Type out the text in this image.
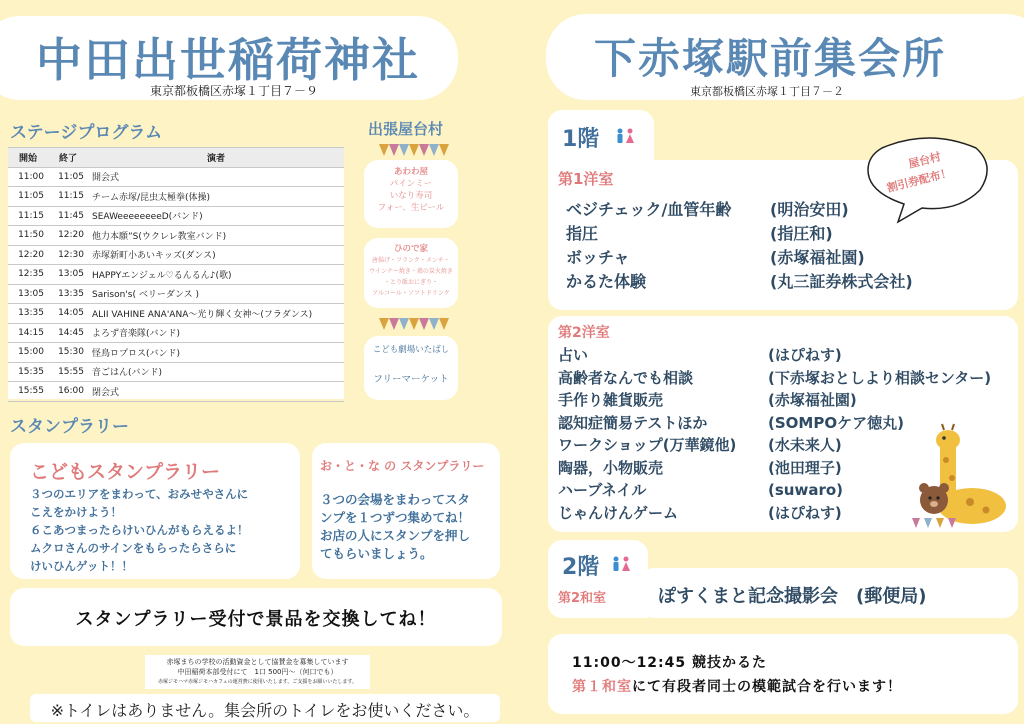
中田出世稲荷神社
東京都板橋区赤塚１丁目７－９
ステージプログラム
開始	終了	演者
11:00	11:05	開会式
11:05	11:15	チーム赤塚/昆虫太極拳(体操)
11:15	11:45	SEAWeeeeeeeeD(バンド)
11:50	12:20	他力本願”S(ウクレレ教室バンド)
12:20	12:30	赤塚新町小あいキッズ(ダンス)
12:35	13:05	HAPPYエンジェル♡るんるん♪(歌)
13:05	13:35	Sarison's( ベリーダンス )
13:35	14:05	ALII VAHINE ANA'ANA～光り輝く女神～(フラダンス)
14:15	14:45	よろず音楽隊(バンド)
15:00	15:30	怪鳥ロプロス(バンド)
15:35	15:55	音ごはん(バンド)
15:55	16:00	閉会式
出張屋台村
あわわ屋
パインミー
いなり寿司
フォー、生ビール
ひので家
唐揚げ・フランク・メンチ・
ウインナー焼き・鶏の炭火焼き
・とり飯おにぎり・
アルコール・ソフトドリンク
こども劇場いたばし
フリーマーケット
スタンプラリー
こどもスタンプラリー
３つのエリアをまわって、おみせやさんに
こえをかけよう！
６こあつまったらけいひんがもらえるよ！
ムクロさんのサインをもらったらさらに
けいひんゲット！！
お・と・な の スタンプラリー
３つの会場をまわってスタ
ンプを１つずつ集めてね！
お店の人にスタンプを押し
てもらいましょう。
スタンプラリー受付で景品を交換してね！
赤塚まちの学校の活動資金として協賛金を募集しています
中田稲荷本部受付にて　1口 500円～（何口でも）
赤塚ジモハマ赤塚ジモハカフェの運営費に使用いたします。ご支援をお願いいたします。
※トイレはありません。集会所のトイレをお使いください。
下赤塚駅前集会所
東京都板橋区赤塚１丁目７－２
1階
第1洋室
ベジチェック/血管年齢	(明治安田)
指圧	(指圧和)
ボッチャ	(赤塚福祉園)
かるた体験	(丸三証券株式会社)
屋台村
割引券配布！
第2洋室
占い	(はぴねす)
高齢者なんでも相談	(下赤塚おとしより相談センター)
手作り雑貨販売	(赤塚福祉園)
認知症簡易テストほか	(SOMPOケア徳丸)
ワークショップ(万華鏡他)	(水未来人)
陶器，小物販売	(池田理子)
ハーブネイル	(suwaro)
じゃんけんゲーム	(はぴねす)
2階
第2和室	ぽすくまと記念撮影会　(郵便局)
11:00～12:45 競技かるた
第１和室にて有段者同士の模範試合を行います！
